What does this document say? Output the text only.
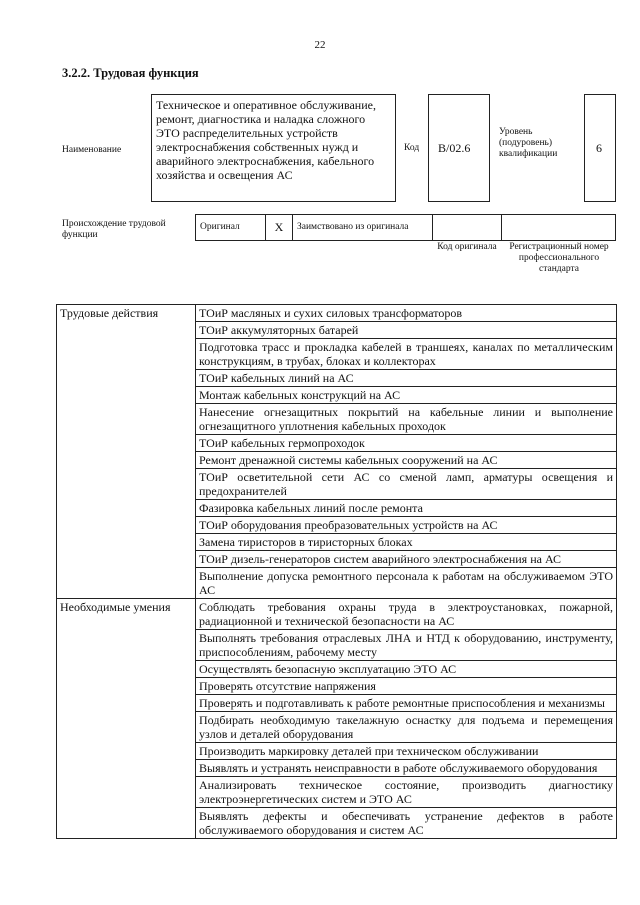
22
3.2.2. Трудовая функция
Наименование
Техническое и оперативное обслуживание, ремонт, диагностика и наладка сложного ЭТО распределительных устройств электроснабжения собственных нужд и аварийного электроснабжения, кабельного хозяйства и освещения АС
Код B/02.6
Уровень (подуровень) квалификации	6
Происхождение трудовой функции
Оригинал	X	Заимствовано из оригинала		
Код оригинала	Регистрационный номер профессионального стандарта
Трудовые действия	ТОиР масляных и сухих силовых трансформаторов
	ТОиР аккумуляторных батарей
	Подготовка трасс и прокладка кабелей в траншеях, каналах по металлическим конструкциям, в трубах, блоках и коллекторах
	ТОиР кабельных линий на АС
	Монтаж кабельных конструкций на АС
	Нанесение огнезащитных покрытий на кабельные линии и выполнение огнезащитного уплотнения кабельных проходок
	ТОиР кабельных гермопроходок
	Ремонт дренажной системы кабельных сооружений на АС
	ТОиР осветительной сети АС со сменой ламп, арматуры освещения и предохранителей
	Фазировка кабельных линий после ремонта
	ТОиР оборудования преобразовательных устройств на АС
	Замена тиристоров в тиристорных блоках
	ТОиР дизель-генераторов систем аварийного электроснабжения на АС
	Выполнение допуска ремонтного персонала к работам на обслуживаемом ЭТО АС
Необходимые умения	Соблюдать требования охраны труда в электроустановках, пожарной, радиационной и технической безопасности на АС
	Выполнять требования отраслевых ЛНА и НТД к оборудованию, инструменту, приспособлениям, рабочему месту
	Осуществлять безопасную эксплуатацию ЭТО АС
	Проверять отсутствие напряжения
	Проверять и подготавливать к работе ремонтные приспособления и механизмы
	Подбирать необходимую такелажную оснастку для подъема и перемещения узлов и деталей оборудования
	Производить маркировку деталей при техническом обслуживании
	Выявлять и устранять неисправности в работе обслуживаемого оборудования
	Анализировать техническое состояние, производить диагностику электроэнергетических систем и ЭТО АС
	Выявлять дефекты и обеспечивать устранение дефектов в работе обслуживаемого оборудования и систем АС
